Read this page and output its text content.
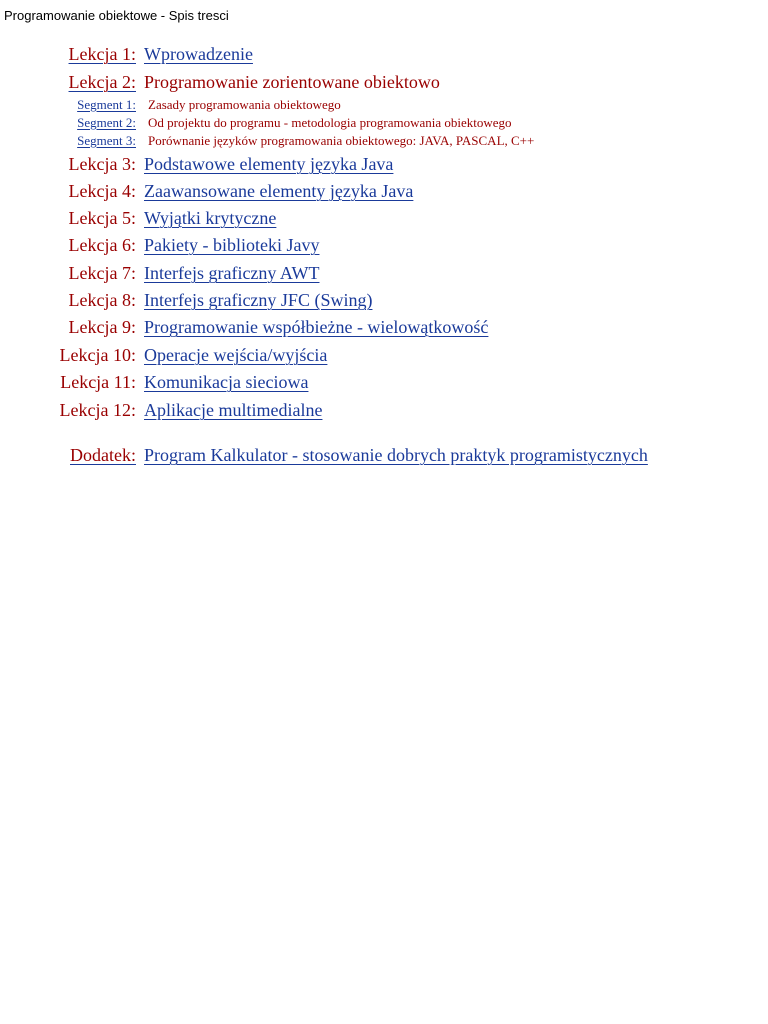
Programowanie obiektowe - Spis tresci
Lekcja 1: Wprowadzenie
Lekcja 2: Programowanie zorientowane obiektowo
Segment 1: Zasady programowania obiektowego
Segment 2: Od projektu do programu - metodologia programowania obiektowego
Segment 3: Porównanie języków programowania obiektowego: JAVA, PASCAL, C++
Lekcja 3: Podstawowe elementy języka Java
Lekcja 4: Zaawansowane elementy języka Java
Lekcja 5: Wyjątki krytyczne
Lekcja 6: Pakiety - biblioteki Javy
Lekcja 7: Interfejs graficzny AWT
Lekcja 8: Interfejs graficzny JFC (Swing)
Lekcja 9: Programowanie współbieżne - wielowątkowość
Lekcja 10: Operacje wejścia/wyjścia
Lekcja 11: Komunikacja sieciowa
Lekcja 12: Aplikacje multimedialne
Dodatek: Program Kalkulator - stosowanie dobrych praktyk programistycznych
